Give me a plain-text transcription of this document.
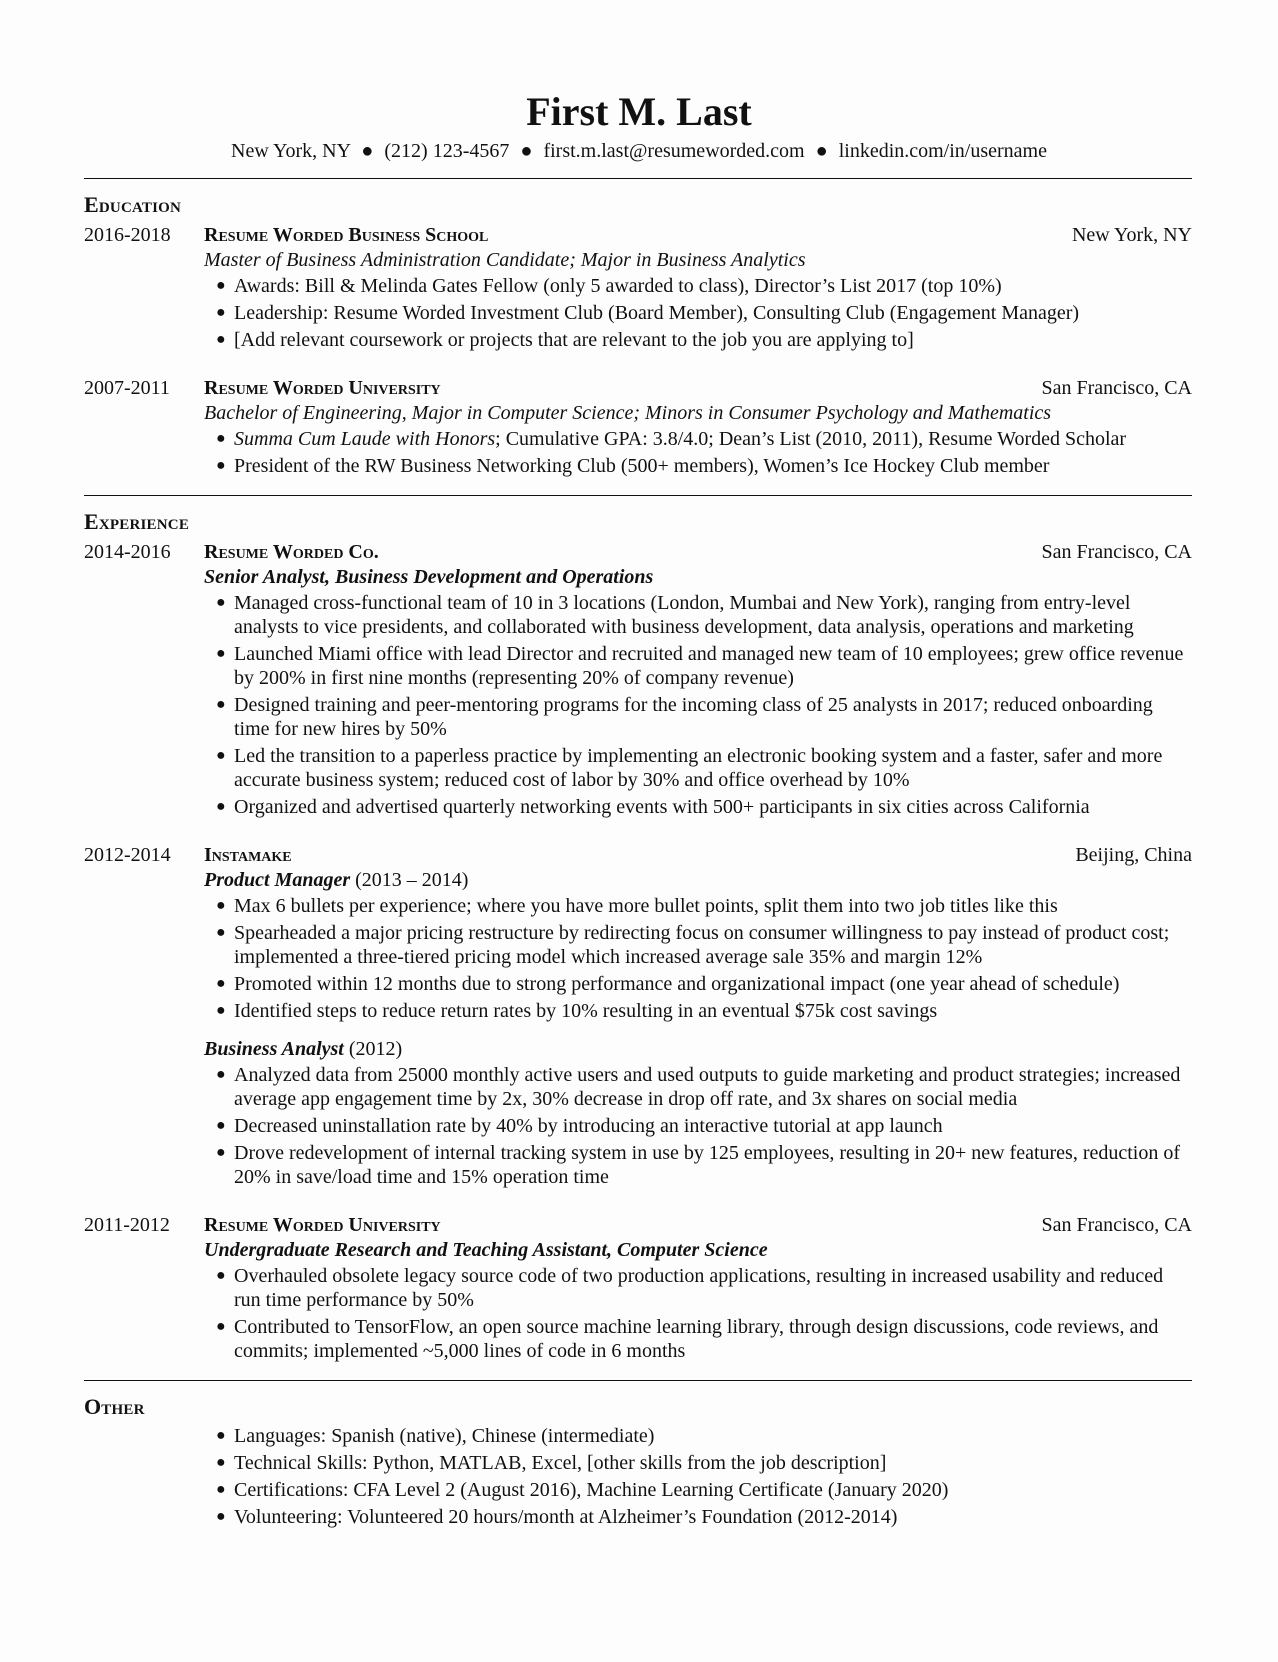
First M. Last
New York, NY ● (212) 123-4567 ● first.m.last@resumeworded.com ● linkedin.com/in/username
Education
2016-2018	Resume Worded Business School	New York, NY
Master of Business Administration Candidate; Major in Business Analytics
● Awards: Bill & Melinda Gates Fellow (only 5 awarded to class), Director’s List 2017 (top 10%)
● Leadership: Resume Worded Investment Club (Board Member), Consulting Club (Engagement Manager)
● [Add relevant coursework or projects that are relevant to the job you are applying to]
2007-2011	Resume Worded University	San Francisco, CA
Bachelor of Engineering, Major in Computer Science; Minors in Consumer Psychology and Mathematics
● Summa Cum Laude with Honors; Cumulative GPA: 3.8/4.0; Dean’s List (2010, 2011), Resume Worded Scholar
● President of the RW Business Networking Club (500+ members), Women’s Ice Hockey Club member
Experience
2014-2016	Resume Worded Co.	San Francisco, CA
Senior Analyst, Business Development and Operations
● Managed cross-functional team of 10 in 3 locations (London, Mumbai and New York), ranging from entry-level analysts to vice presidents, and collaborated with business development, data analysis, operations and marketing
● Launched Miami office with lead Director and recruited and managed new team of 10 employees; grew office revenue by 200% in first nine months (representing 20% of company revenue)
● Designed training and peer-mentoring programs for the incoming class of 25 analysts in 2017; reduced onboarding time for new hires by 50%
● Led the transition to a paperless practice by implementing an electronic booking system and a faster, safer and more accurate business system; reduced cost of labor by 30% and office overhead by 10%
● Organized and advertised quarterly networking events with 500+ participants in six cities across California
2012-2014	Instamake	Beijing, China
Product Manager (2013 – 2014)
● Max 6 bullets per experience; where you have more bullet points, split them into two job titles like this
● Spearheaded a major pricing restructure by redirecting focus on consumer willingness to pay instead of product cost; implemented a three-tiered pricing model which increased average sale 35% and margin 12%
● Promoted within 12 months due to strong performance and organizational impact (one year ahead of schedule)
● Identified steps to reduce return rates by 10% resulting in an eventual $75k cost savings
Business Analyst (2012)
● Analyzed data from 25000 monthly active users and used outputs to guide marketing and product strategies; increased average app engagement time by 2x, 30% decrease in drop off rate, and 3x shares on social media
● Decreased uninstallation rate by 40% by introducing an interactive tutorial at app launch
● Drove redevelopment of internal tracking system in use by 125 employees, resulting in 20+ new features, reduction of 20% in save/load time and 15% operation time
2011-2012	Resume Worded University	San Francisco, CA
Undergraduate Research and Teaching Assistant, Computer Science
● Overhauled obsolete legacy source code of two production applications, resulting in increased usability and reduced run time performance by 50%
● Contributed to TensorFlow, an open source machine learning library, through design discussions, code reviews, and commits; implemented ~5,000 lines of code in 6 months
Other
● Languages: Spanish (native), Chinese (intermediate)
● Technical Skills: Python, MATLAB, Excel, [other skills from the job description]
● Certifications: CFA Level 2 (August 2016), Machine Learning Certificate (January 2020)
● Volunteering: Volunteered 20 hours/month at Alzheimer’s Foundation (2012-2014)
